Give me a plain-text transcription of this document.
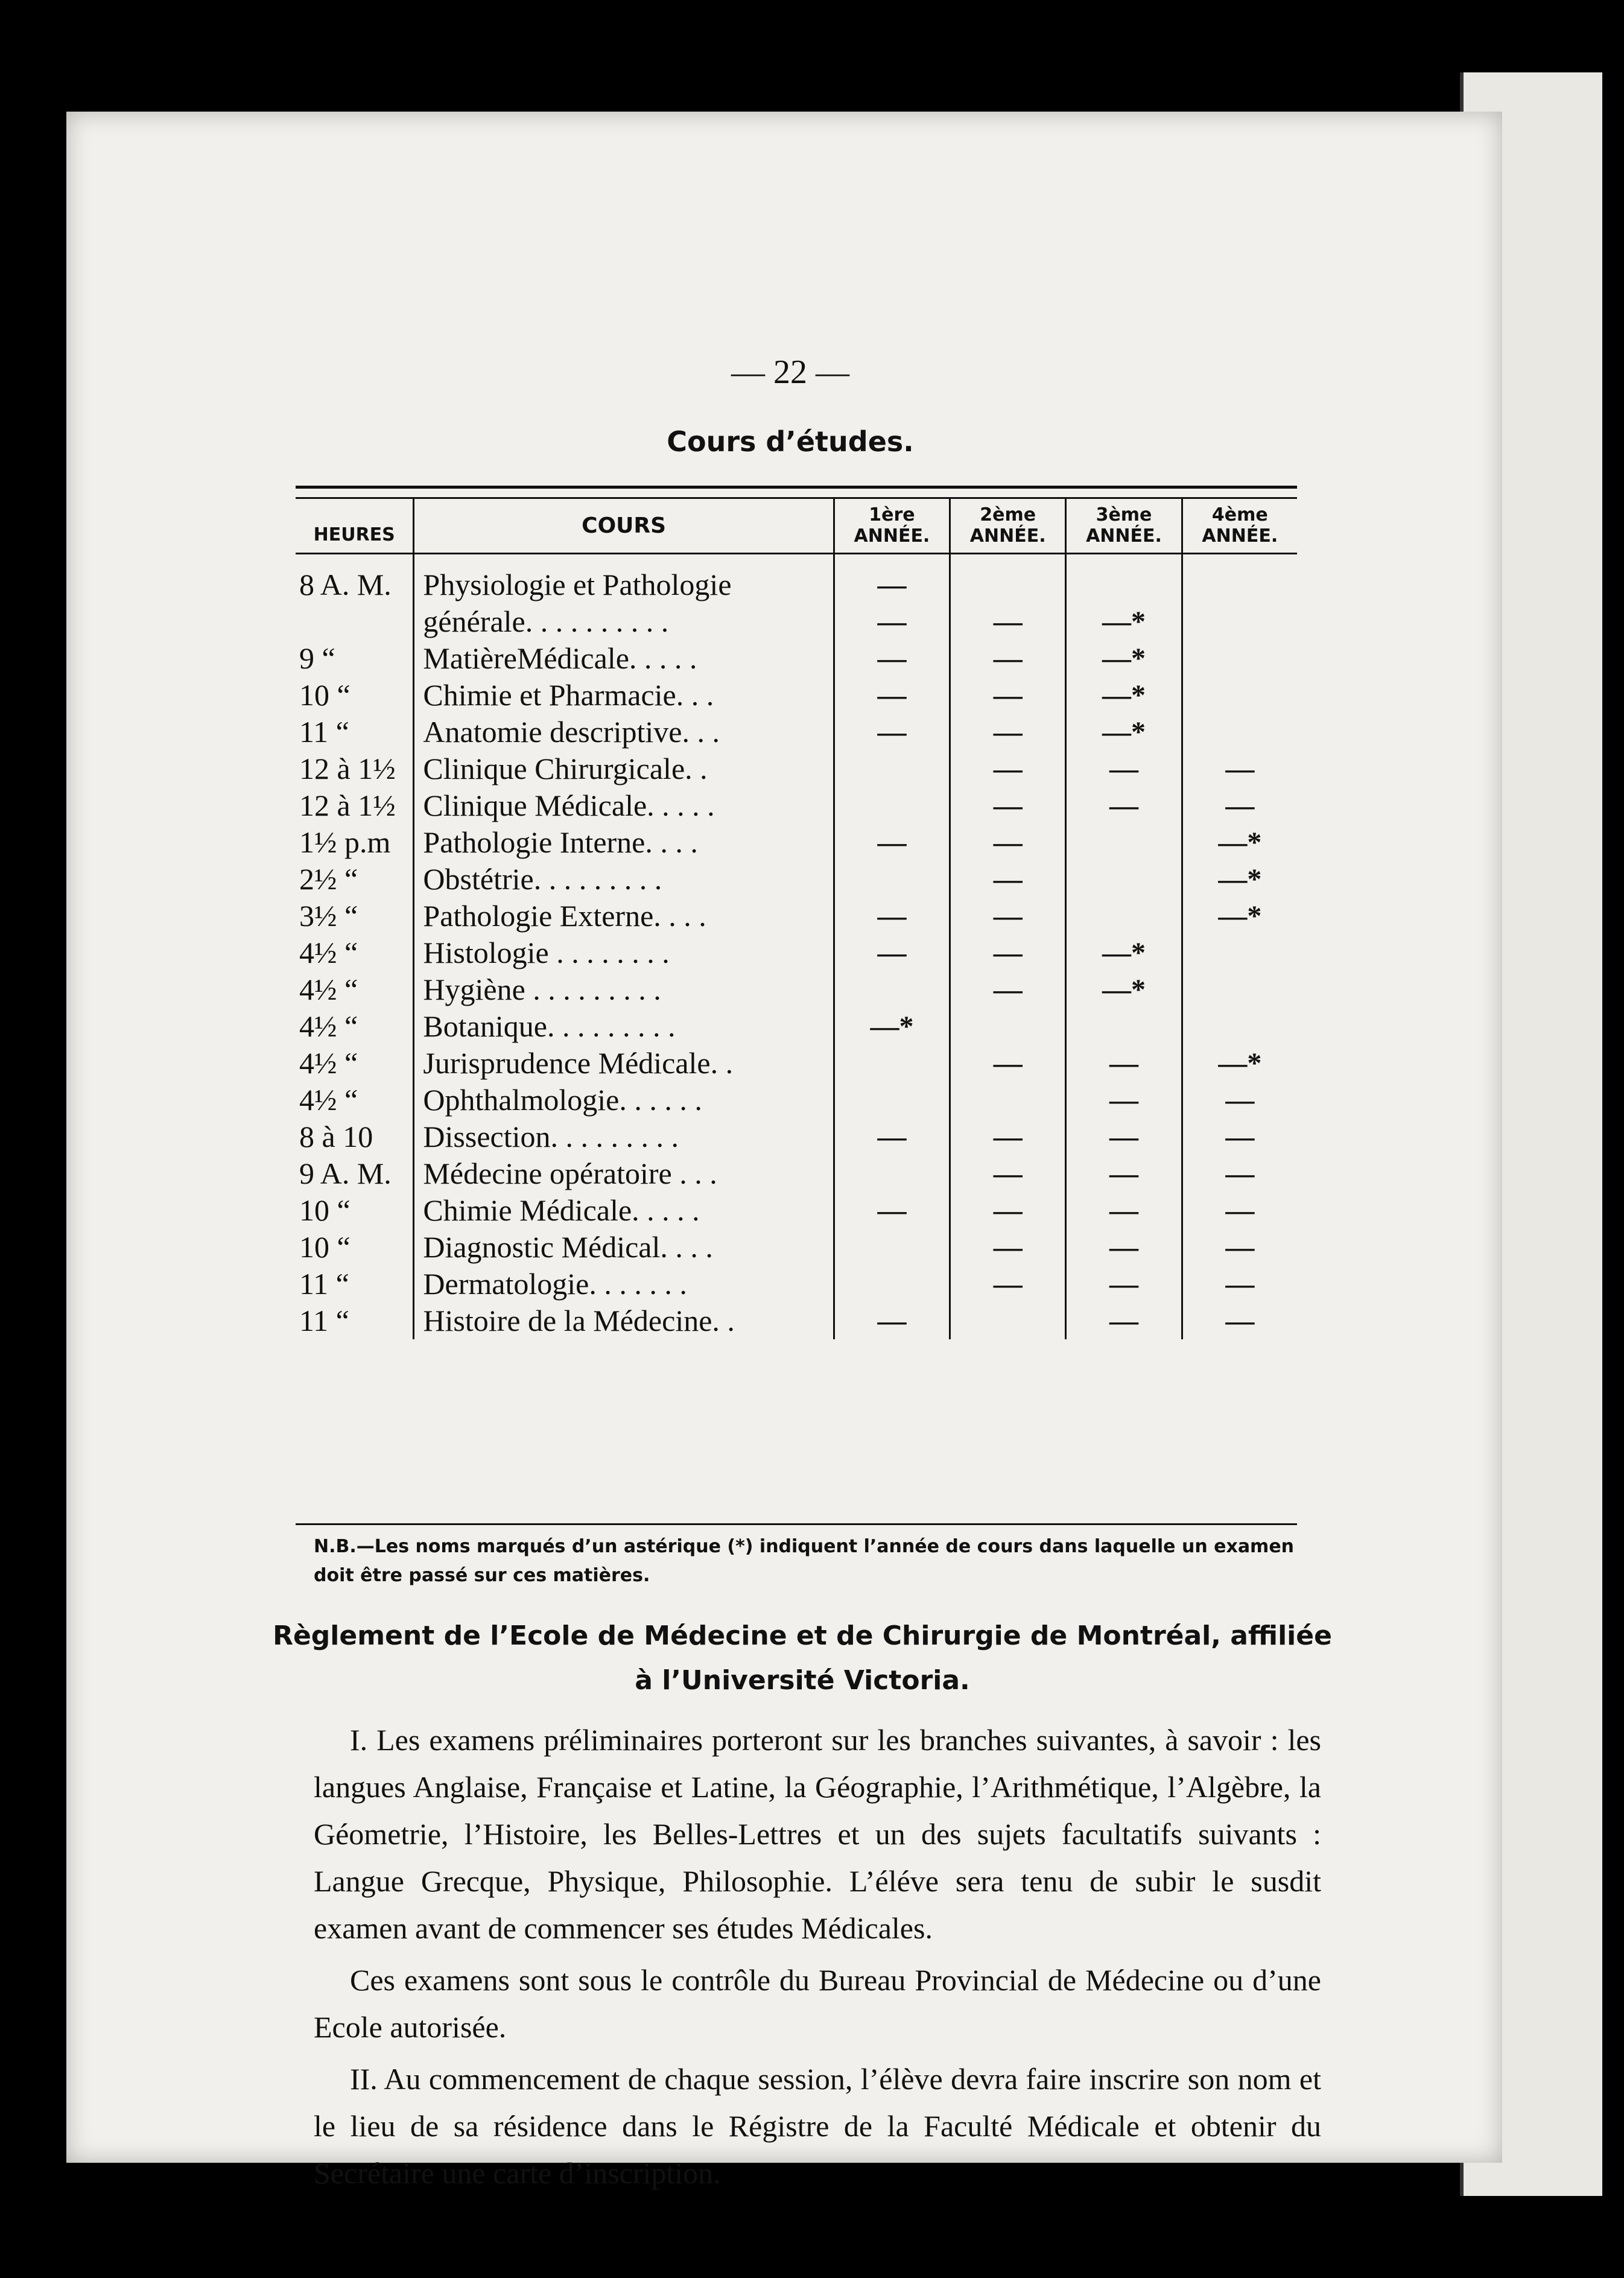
— 22 —
Cours d’études.
HEURES	COURS	1ère ANNÉE.	2ème ANNÉE.	3ème ANNÉE.	4ème ANNÉE.
8 A. M.	Physiologie et Pathologie	—			
	générale. . . . . . . . . .	—	—	—*	
9 “	MatièreMédicale. . . . .	—	—	—*	
10 “	Chimie et Pharmacie. . .	—	—	—*	
11 “	Anatomie descriptive. . .	—	—	—*	
12 à 1½	Clinique Chirurgicale. .		—	—	—
12 à 1½	Clinique Médicale. . . . .		—	—	—
1½ p.m	Pathologie Interne. . . .	—	—		—*
2½ “	Obstétrie. . . . . . . . .		—		—*
3½ “	Pathologie Externe. . . .	—	—		—*
4½ “	Histologie . . . . . . . .	—	—	—*	
4½ “	Hygiène . . . . . . . . .		—	—*	
4½ “	Botanique. . . . . . . . .	—*			
4½ “	Jurisprudence Médicale. .		—	—	—*
4½ “	Ophthalmologie. . . . . .			—	—
8 à 10	Dissection. . . . . . . . .	—	—	—	—
9 A. M.	Médecine opératoire . . .		—	—	—
10 “	Chimie Médicale. . . . .	—	—	—	—
10 “	Diagnostic Médical. . . .		—	—	—
11 “	Dermatologie. . . . . . .		—	—	—
11 “	Histoire de la Médecine. .	—		—	—
N.B.—Les noms marqués d’un astérique (*) indiquent l’année de cours dans laquelle un examen doit être passé sur ces matières.
Règlement de l’Ecole de Médecine et de Chirurgie de Montréal, affiliée à l’Université Victoria.

I. Les examens préliminaires porteront sur les branches suivantes, à savoir : les langues Anglaise, Française et Latine, la Géographie, l’Arithmétique, l’Algèbre, la Géometrie, l’Histoire, les Belles-Lettres et un des sujets facultatifs suivants : Langue Grecque, Physique, Philosophie. L’éléve sera tenu de subir le susdit examen avant de commencer ses études Médicales.

Ces examens sont sous le contrôle du Bureau Provincial de Médecine ou d’une Ecole autorisée.

II. Au commencement de chaque session, l’élève devra faire inscrire son nom et le lieu de sa résidence dans le Régistre de la Faculté Médicale et obtenir du Secrétaire une carte d’inscription.
